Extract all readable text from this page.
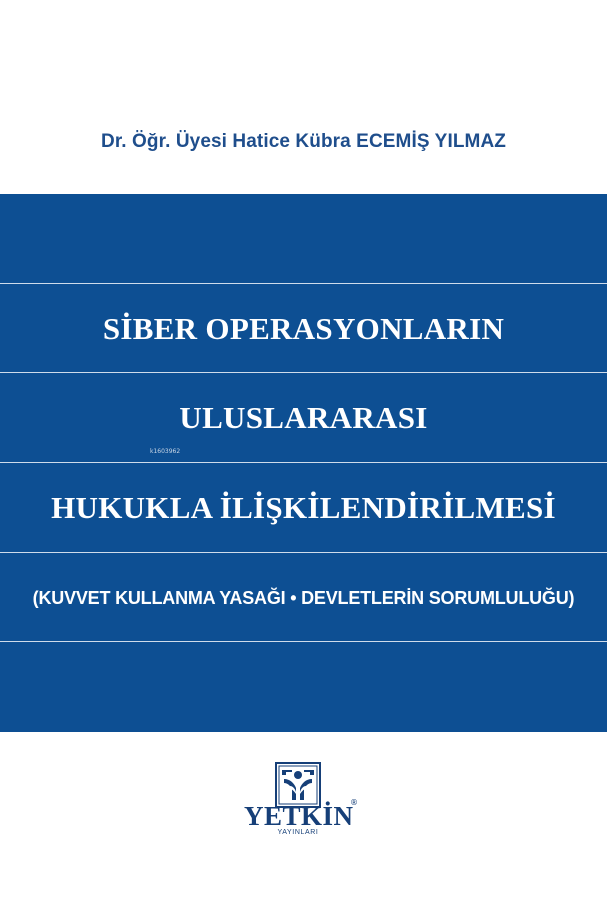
Dr. Öğr. Üyesi Hatice Kübra ECEMİŞ YILMAZ
SİBER OPERASYONLARIN
ULUSLARARASI
HUKUKLA İLİŞKİLENDİRİLMESİ
(KUVVET KULLANMA YASAĞI • DEVLETLERİN SORUMLULUĞU)
k1603962
YETKİN
®
YAYINLARI
